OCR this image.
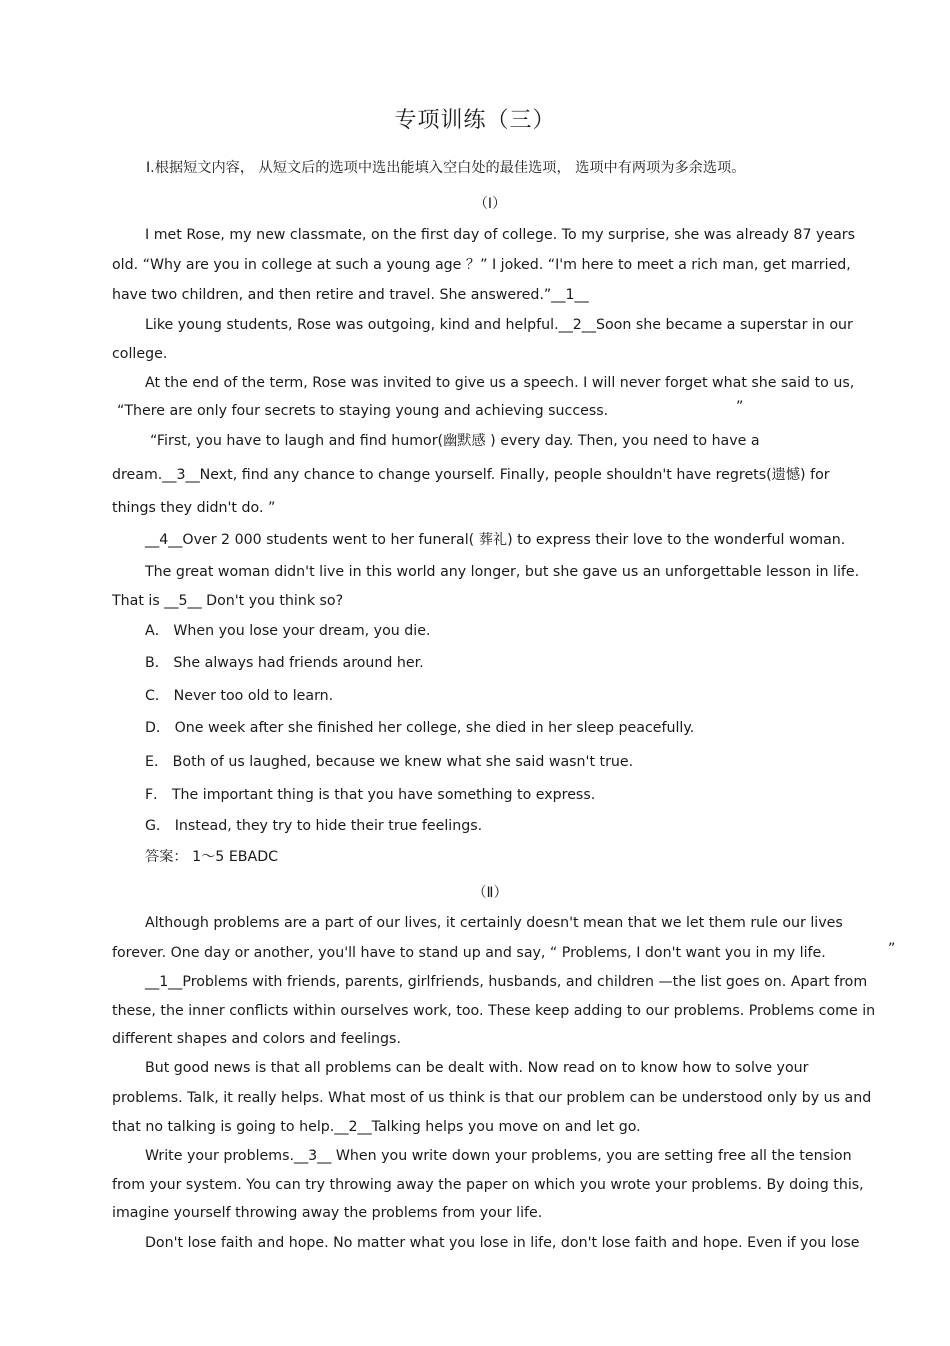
专项训练（三）
Ⅰ.根据短文内容， 从短文后的选项中选出能填入空白处的最佳选项， 选项中有两项为多余选项。
（Ⅰ）
I met Rose, my new classmate, on the first day of college. To my surprise, she was already 87 years
old. “Why are you in college at such a young age ？” I joked. “I'm here to meet a rich man, get married,
have two children, and then retire and travel. She answered.”__1__
Like young students, Rose was outgoing, kind and helpful.__2__Soon she became a superstar in our
college.
At the end of the term, Rose was invited to give us a speech. I will never forget what she said to us,
“There are only four secrets to staying young and achieving success.	”
“First, you have to laugh and find humor(幽默感 ) every day. Then, you need to have a
dream.__3__Next, find any chance to change yourself. Finally, people shouldn't have regrets(遗憾) for
things they didn't do. ”
__4__Over 2 000 students went to her funeral( 葬礼) to express their love to the wonderful woman.
The great woman didn't live in this world any longer, but she gave us an unforgettable lesson in life.
That is __5__ Don't you think so?
A． When you lose your dream, you die.
B． She always had friends around her.
C． Never too old to learn.
D． One week after she finished her college, she died in her sleep peacefully.
E． Both of us laughed, because we knew what she said wasn't true.
F． The important thing is that you have something to express.
G． Instead, they try to hide their true feelings.
答案： 1～5 EBADC
（Ⅱ）
Although problems are a part of our lives, it certainly doesn't mean that we let them rule our lives
forever. One day or another, you'll have to stand up and say, “ Problems, I don't want you in my life.	”
__1__Problems with friends, parents, girlfriends, husbands, and children —the list goes on. Apart from
these, the inner conflicts within ourselves work, too. These keep adding to our problems. Problems come in
different shapes and colors and feelings.
But good news is that all problems can be dealt with. Now read on to know how to solve your
problems. Talk, it really helps. What most of us think is that our problem can be understood only by us and
that no talking is going to help.__2__Talking helps you move on and let go.
Write your problems.__3__ When you write down your problems, you are setting free all the tension
from your system. You can try throwing away the paper on which you wrote your problems. By doing this,
imagine yourself throwing away the problems from your life.
Don't lose faith and hope. No matter what you lose in life, don't lose faith and hope. Even if you lose
